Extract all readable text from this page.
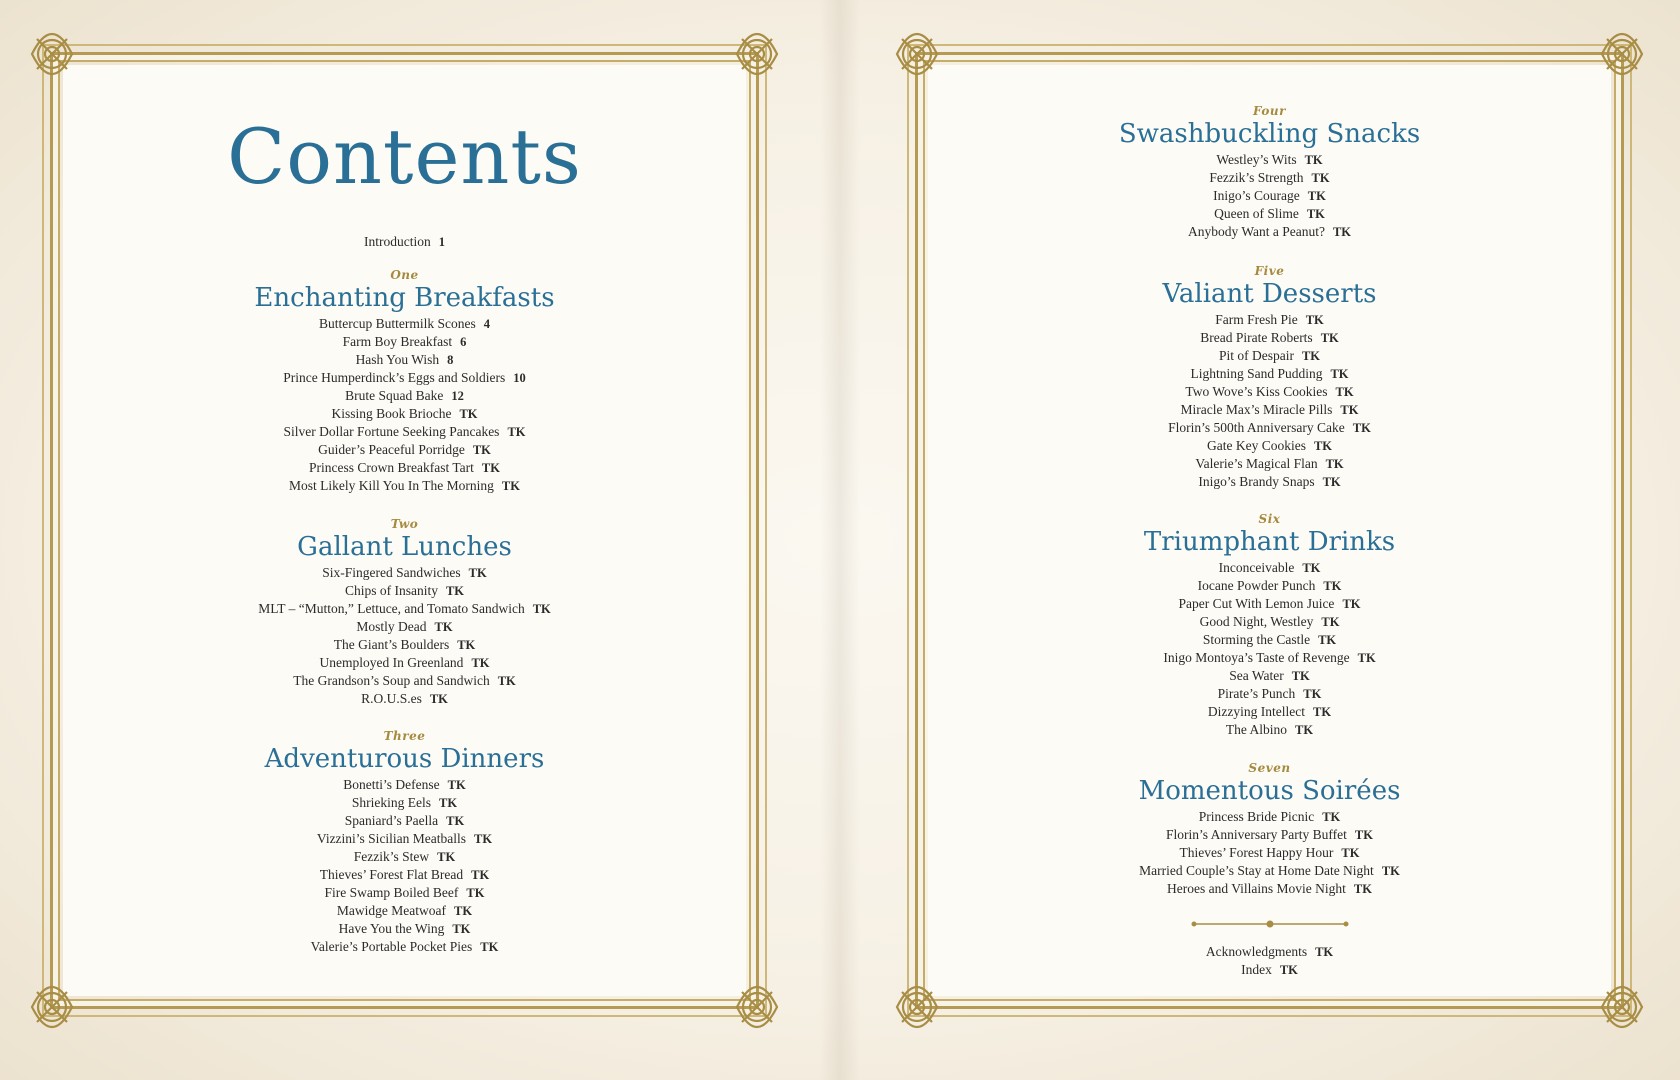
Contents
Introduction 1
One
Enchanting Breakfasts
Buttercup Buttermilk Scones 4
Farm Boy Breakfast 6
Hash You Wish 8
Prince Humperdinck’s Eggs and Soldiers 10
Brute Squad Bake 12
Kissing Book Brioche TK
Silver Dollar Fortune Seeking Pancakes TK
Guider’s Peaceful Porridge TK
Princess Crown Breakfast Tart TK
Most Likely Kill You In The Morning TK
Two
Gallant Lunches
Six-Fingered Sandwiches TK
Chips of Insanity TK
MLT – “Mutton,” Lettuce, and Tomato Sandwich TK
Mostly Dead TK
The Giant’s Boulders TK
Unemployed In Greenland TK
The Grandson’s Soup and Sandwich TK
R.O.U.S.es TK
Three
Adventurous Dinners
Bonetti’s Defense TK
Shrieking Eels TK
Spaniard’s Paella TK
Vizzini’s Sicilian Meatballs TK
Fezzik’s Stew TK
Thieves’ Forest Flat Bread TK
Fire Swamp Boiled Beef TK
Mawidge Meatwoaf TK
Have You the Wing TK
Valerie’s Portable Pocket Pies TK
Four
Swashbuckling Snacks
Westley’s Wits TK
Fezzik’s Strength TK
Inigo’s Courage TK
Queen of Slime TK
Anybody Want a Peanut? TK
Five
Valiant Desserts
Farm Fresh Pie TK
Bread Pirate Roberts TK
Pit of Despair TK
Lightning Sand Pudding TK
Two Wove’s Kiss Cookies TK
Miracle Max’s Miracle Pills TK
Florin’s 500th Anniversary Cake TK
Gate Key Cookies TK
Valerie’s Magical Flan TK
Inigo’s Brandy Snaps TK
Six
Triumphant Drinks
Inconceivable TK
Iocane Powder Punch TK
Paper Cut With Lemon Juice TK
Good Night, Westley TK
Storming the Castle TK
Inigo Montoya’s Taste of Revenge TK
Sea Water TK
Pirate’s Punch TK
Dizzying Intellect TK
The Albino TK
Seven
Momentous Soirées
Princess Bride Picnic TK
Florin’s Anniversary Party Buffet TK
Thieves’ Forest Happy Hour TK
Married Couple’s Stay at Home Date Night TK
Heroes and Villains Movie Night TK
Acknowledgments TK
Index TK
